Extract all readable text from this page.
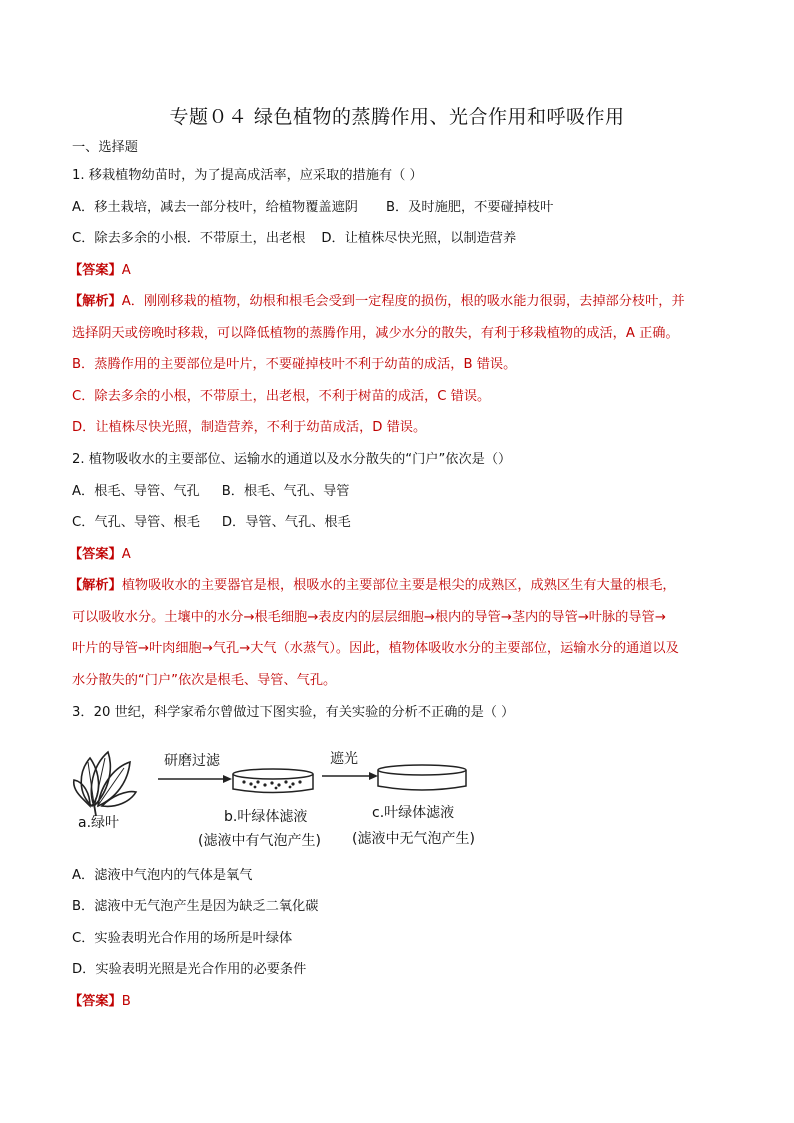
专题０４ 绿色植物的蒸腾作用、光合作用和呼吸作用
一、选择题
1. 移栽植物幼苗时，为了提高成活率，应采取的措施有（ ）
A．移土栽培，减去一部分枝叶，给植物覆盖遮阴 B．及时施肥，不要碰掉枝叶
C．除去多余的小根．不带原土，出老根 D．让植株尽快光照，以制造营养
【答案】A
【解析】A．刚刚移栽的植物，幼根和根毛会受到一定程度的损伤，根的吸水能力很弱，去掉部分枝叶，并
选择阴天或傍晚时移栽，可以降低植物的蒸腾作用，减少水分的散失，有利于移栽植物的成活，A 正确。
B．蒸腾作用的主要部位是叶片，不要碰掉枝叶不利于幼苗的成活，B 错误。
C．除去多余的小根，不带原土，出老根，不利于树苗的成活，C 错误。
D．让植株尽快光照，制造营养，不利于幼苗成活，D 错误。
2. 植物吸收水的主要部位、运输水的通道以及水分散失的“门户”依次是（）
A．根毛、导管、气孔 B．根毛、气孔、导管
C．气孔、导管、根毛 D．导管、气孔、根毛
【答案】A
【解析】植物吸收水的主要器官是根，根吸水的主要部位主要是根尖的成熟区，成熟区生有大量的根毛，
可以吸收水分。土壤中的水分→根毛细胞→表皮内的层层细胞→根内的导管→茎内的导管→叶脉的导管→
叶片的导管→叶肉细胞→气孔→大气（水蒸气）。因此，植物体吸收水分的主要部位，运输水分的通道以及
水分散失的“门户”依次是根毛、导管、气孔。
3．20 世纪，科学家希尔曾做过下图实验，有关实验的分析不正确的是（ ）
研磨过滤	遮光
a.绿叶	b.叶绿体滤液
(滤液中有气泡产生)
c.叶绿体滤液
(滤液中无气泡产生)
A．滤液中气泡内的气体是氧气
B．滤液中无气泡产生是因为缺乏二氧化碳
C．实验表明光合作用的场所是叶绿体
D．实验表明光照是光合作用的必要条件
【答案】B
